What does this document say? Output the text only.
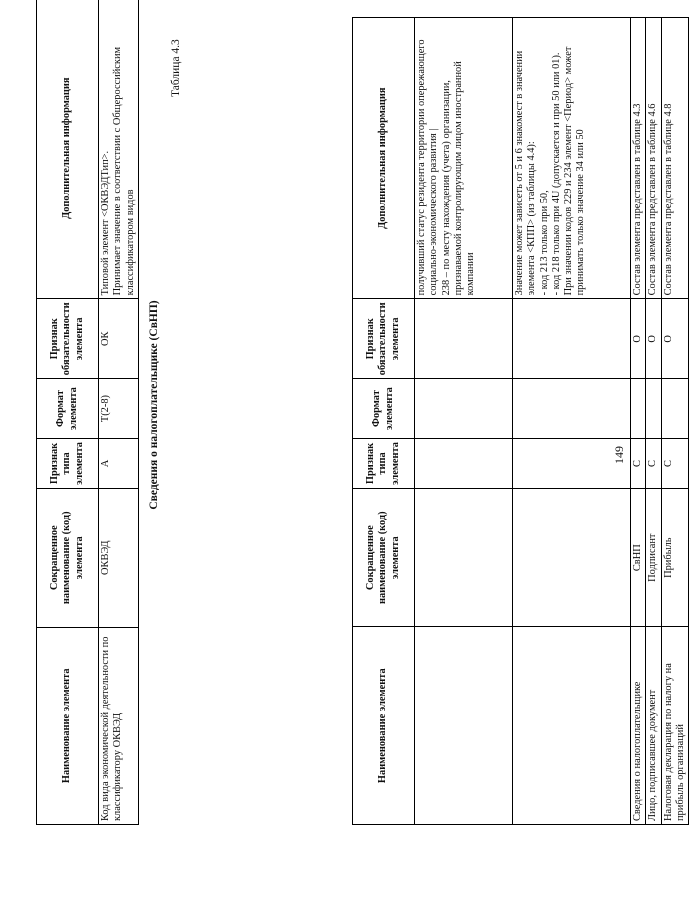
149
Наименование элемента	Сокращенное наименование (код) элемента	Признак типа элемента	Формат элемента	Признак обязательности элемента	Дополнительная информация

					получивший статус резидента территории опережающего социально-экономического развития | 238 – по месту нахождения (учета) организации, признаваемой контролирующим лицом иностранной компании

					Значение может зависеть от 5 и 6 знакомест в значении элемента <КПП> (из таблицы 4.4): - код 213 только при 50, - код 218 только при 4U (допускается и при 50 или 01). При значении кодов 229 и 234 элемент <Период> может принимать только значение 34 или 50

Сведения о налогоплательщике	СвНП	С		О	Состав элемента представлен в таблице 4.3
Лицо, подписавшее документ	Подписант	С		О	Состав элемента представлен в таблице 4.6
Налоговая декларация по налогу на прибыль организаций	Прибыль	С		О	Состав элемента представлен в таблице 4.8
Таблица 4.3
Сведения о налогоплательщике (СвНП)
Наименование элемента	Сокращенное наименование (код) элемента	Признак типа элемента	Формат элемента	Признак обязательности элемента	Дополнительная информация
Код вида экономической деятельности по классификатору ОКВЭД	ОКВЭД	А	T(2-8)	ОК	Типовой элемент <ОКВЭДТип>. Принимает значение в соответствии с Общероссийским классификатором видов
